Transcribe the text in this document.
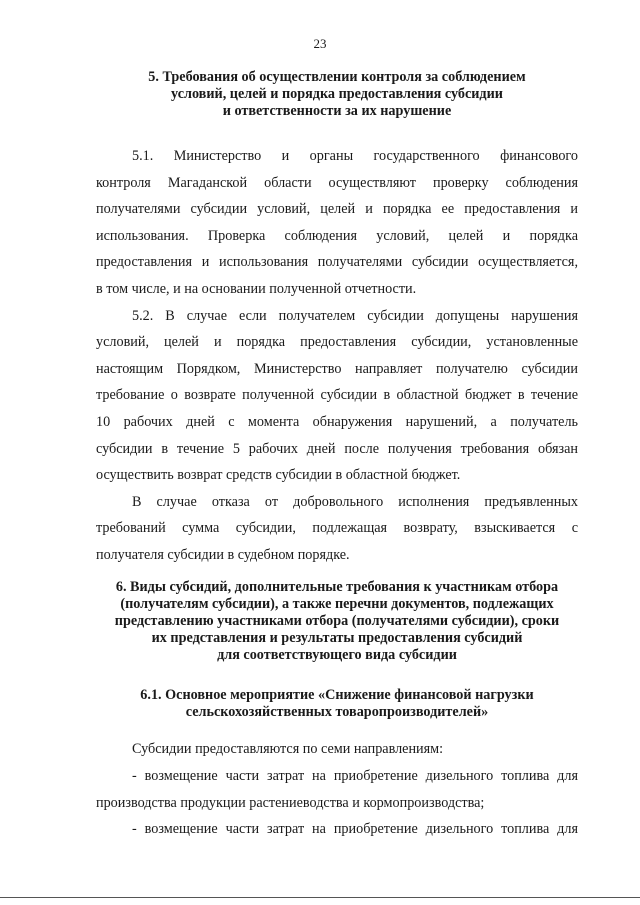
23
5. Требования об осуществлении контроля за соблюдением
условий, целей и порядка предоставления субсидии
и ответственности за их нарушение
5.1. Министерство и органы государственного финансового
контроля Магаданской области осуществляют проверку соблюдения
получателями субсидии условий, целей и порядка ее предоставления и
использования. Проверка соблюдения условий, целей и порядка
предоставления и использования получателями субсидии осуществляется,
в том числе, и на основании полученной отчетности.
5.2. В случае если получателем субсидии допущены нарушения
условий, целей и порядка предоставления субсидии, установленные
настоящим Порядком, Министерство направляет получателю субсидии
требование о возврате полученной субсидии в областной бюджет в течение
10 рабочих дней с момента обнаружения нарушений, а получатель
субсидии в течение 5 рабочих дней после получения требования обязан
осуществить возврат средств субсидии в областной бюджет.
В случае отказа от добровольного исполнения предъявленных
требований сумма субсидии, подлежащая возврату, взыскивается с
получателя субсидии в судебном порядке.
6. Виды субсидий, дополнительные требования к участникам отбора
(получателям субсидии), а также перечни документов, подлежащих
представлению участниками отбора (получателями субсидии), сроки
их представления и результаты предоставления субсидий
для соответствующего вида субсидии
6.1. Основное мероприятие «Снижение финансовой нагрузки
сельскохозяйственных товаропроизводителей»
Субсидии предоставляются по семи направлениям:
- возмещение части затрат на приобретение дизельного топлива для
производства продукции растениеводства и кормопроизводства;
- возмещение части затрат на приобретение дизельного топлива для
